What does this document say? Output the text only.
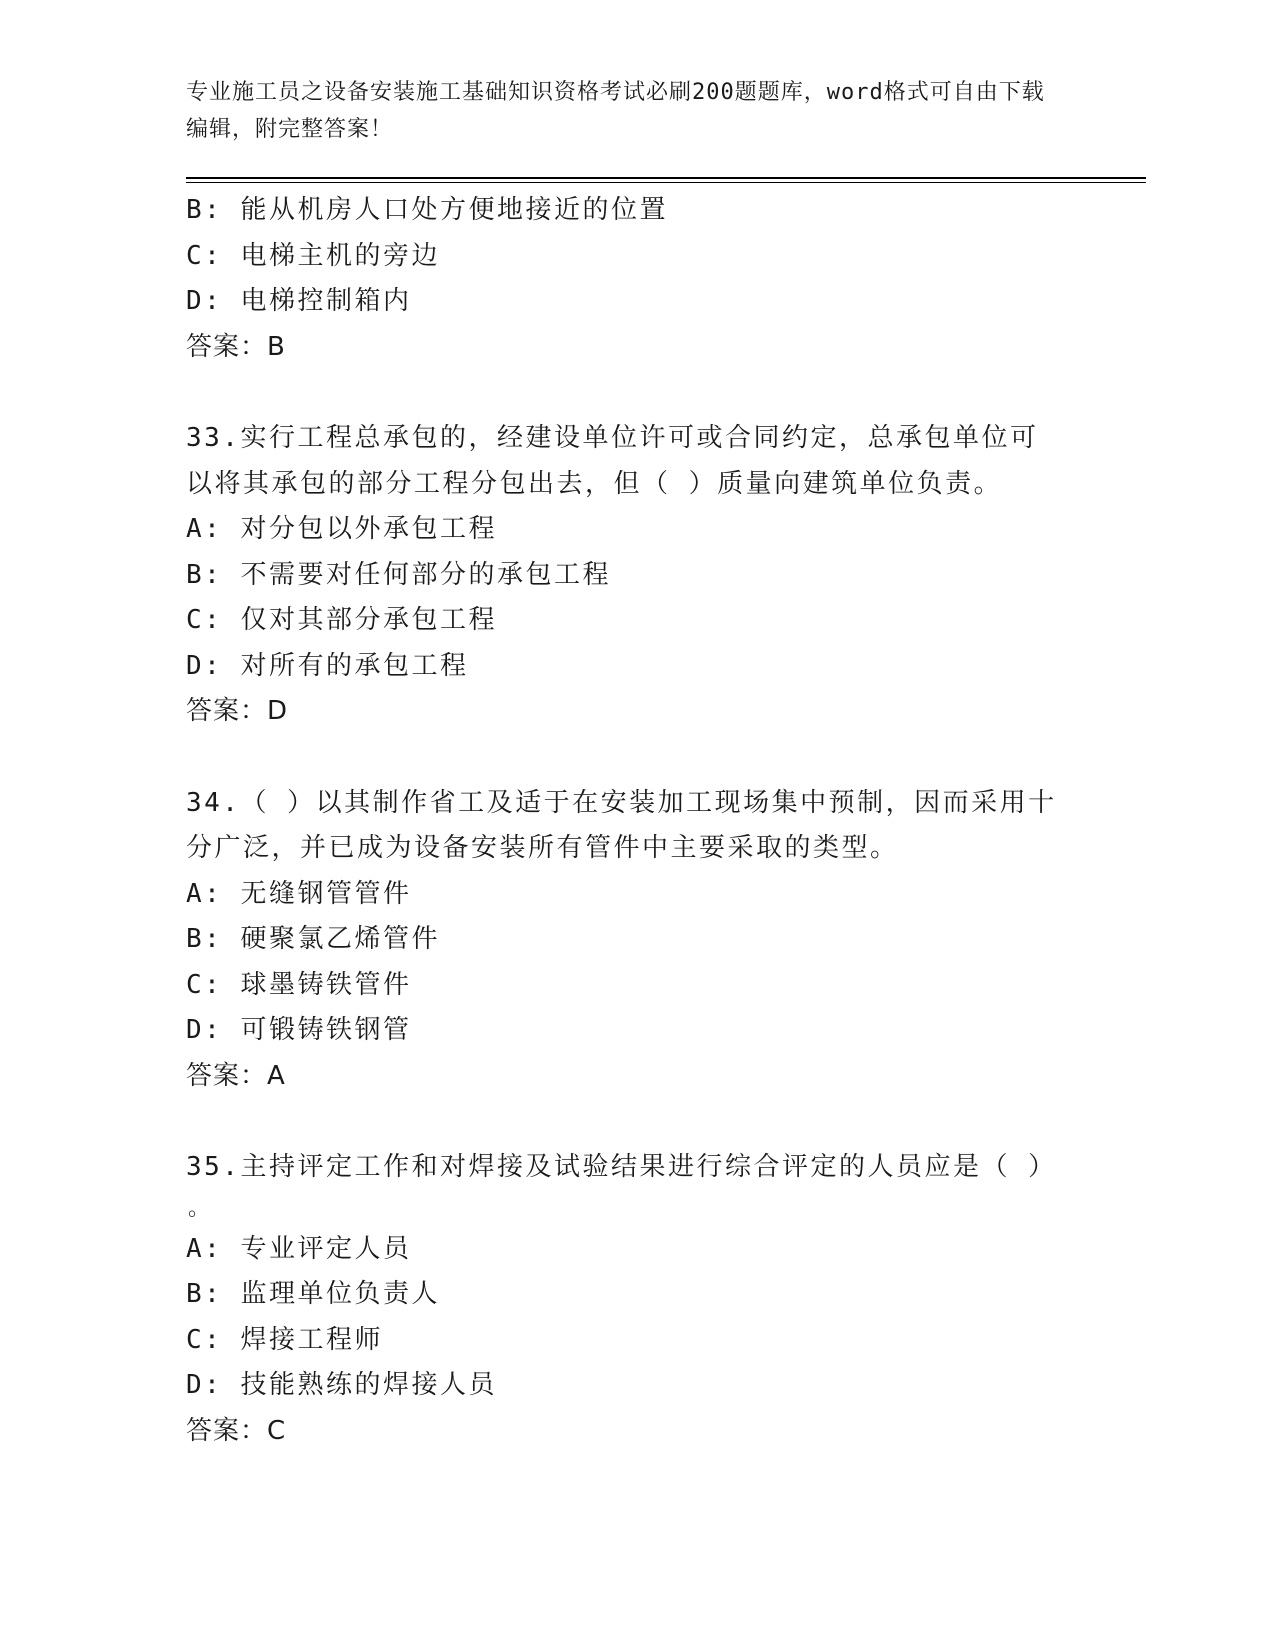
专业施工员之设备安装施工基础知识资格考试必刷200题题库，word格式可自由下载编辑，附完整答案！
B: 能从机房人口处方便地接近的位置
C: 电梯主机的旁边
D: 电梯控制箱内
答案：B
33.实行工程总承包的，经建设单位许可或合同约定，总承包单位可以将其承包的部分工程分包出去，但（ ）质量向建筑单位负责。
A: 对分包以外承包工程
B: 不需要对任何部分的承包工程
C: 仅对其部分承包工程
D: 对所有的承包工程
答案：D
34.（ ）以其制作省工及适于在安装加工现场集中预制，因而采用十分广泛，并已成为设备安装所有管件中主要采取的类型。
A: 无缝钢管管件
B: 硬聚氯乙烯管件
C: 球墨铸铁管件
D: 可锻铸铁钢管
答案：A
35.主持评定工作和对焊接及试验结果进行综合评定的人员应是（ ）
。
A: 专业评定人员
B: 监理单位负责人
C: 焊接工程师
D: 技能熟练的焊接人员
答案：C
